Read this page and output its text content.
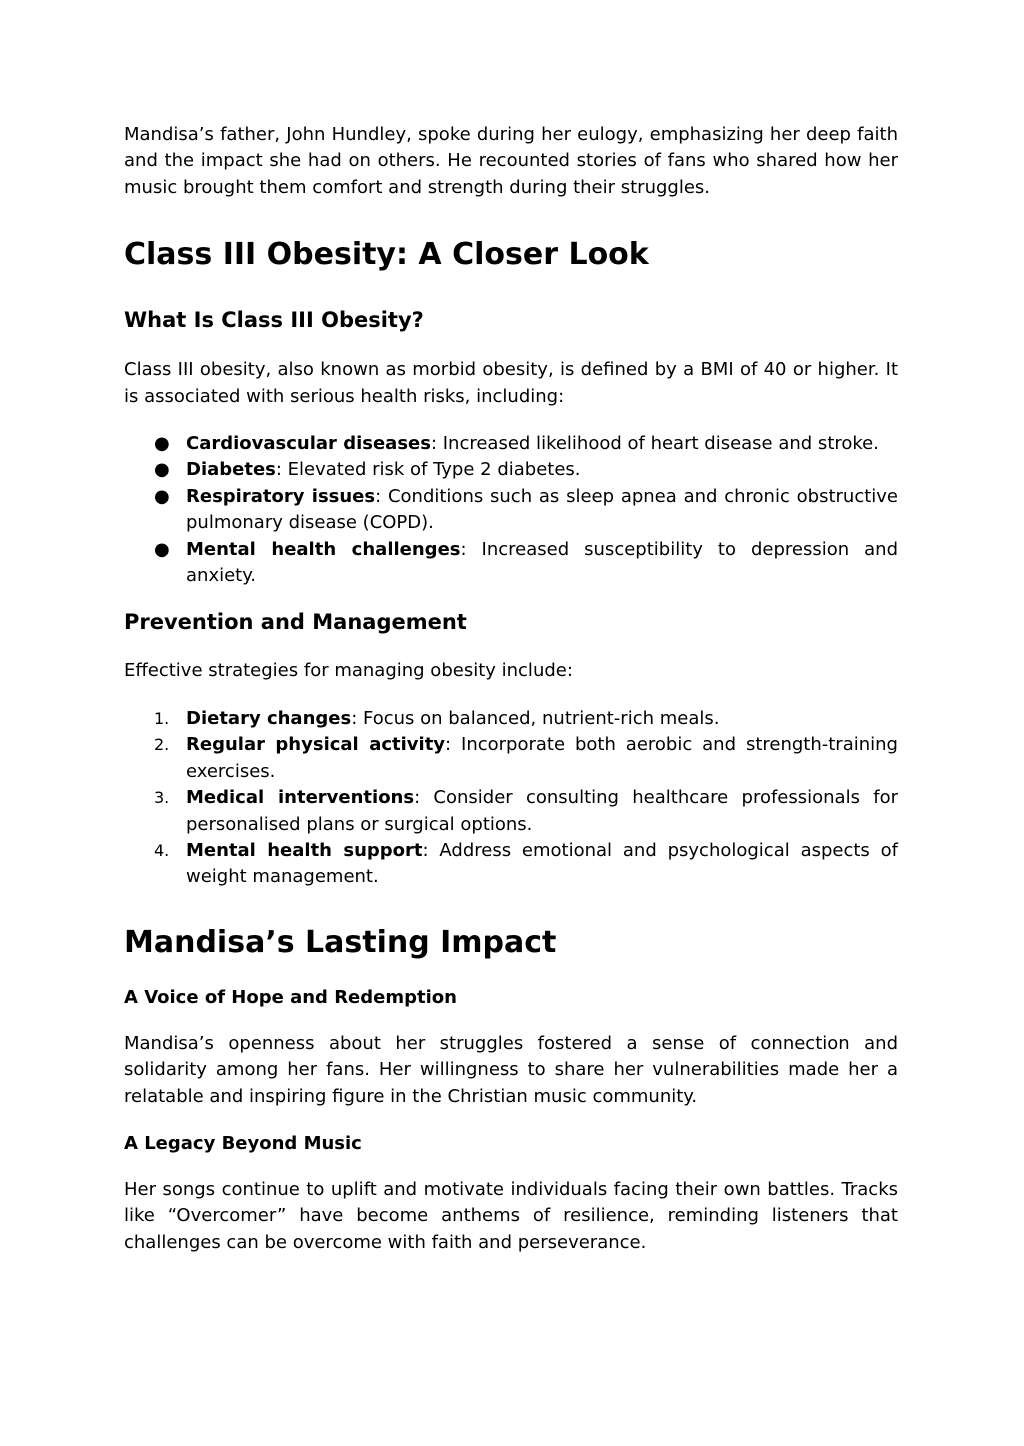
Mandisa’s father, John Hundley, spoke during her eulogy, emphasizing her deep faith and the impact she had on others. He recounted stories of fans who shared how her music brought them comfort and strength during their struggles.

Class III Obesity: A Closer Look
What Is Class III Obesity?

Class III obesity, also known as morbid obesity, is defined by a BMI of 40 or higher. It is associated with serious health risks, including:

● Cardiovascular diseases: Increased likelihood of heart disease and stroke.
● Diabetes: Elevated risk of Type 2 diabetes.
● Respiratory issues: Conditions such as sleep apnea and chronic obstructive pulmonary disease (COPD).
● Mental health challenges: Increased susceptibility to depression and anxiety.
Prevention and Management

Effective strategies for managing obesity include:

1. Dietary changes: Focus on balanced, nutrient-rich meals.
2. Regular physical activity: Incorporate both aerobic and strength-training exercises.
3. Medical interventions: Consider consulting healthcare professionals for personalised plans or surgical options.
4. Mental health support: Address emotional and psychological aspects of weight management.
Mandisa’s Lasting Impact
A Voice of Hope and Redemption

Mandisa’s openness about her struggles fostered a sense of connection and solidarity among her fans. Her willingness to share her vulnerabilities made her a relatable and inspiring figure in the Christian music community.

A Legacy Beyond Music

Her songs continue to uplift and motivate individuals facing their own battles. Tracks like “Overcomer” have become anthems of resilience, reminding listeners that challenges can be overcome with faith and perseverance.
